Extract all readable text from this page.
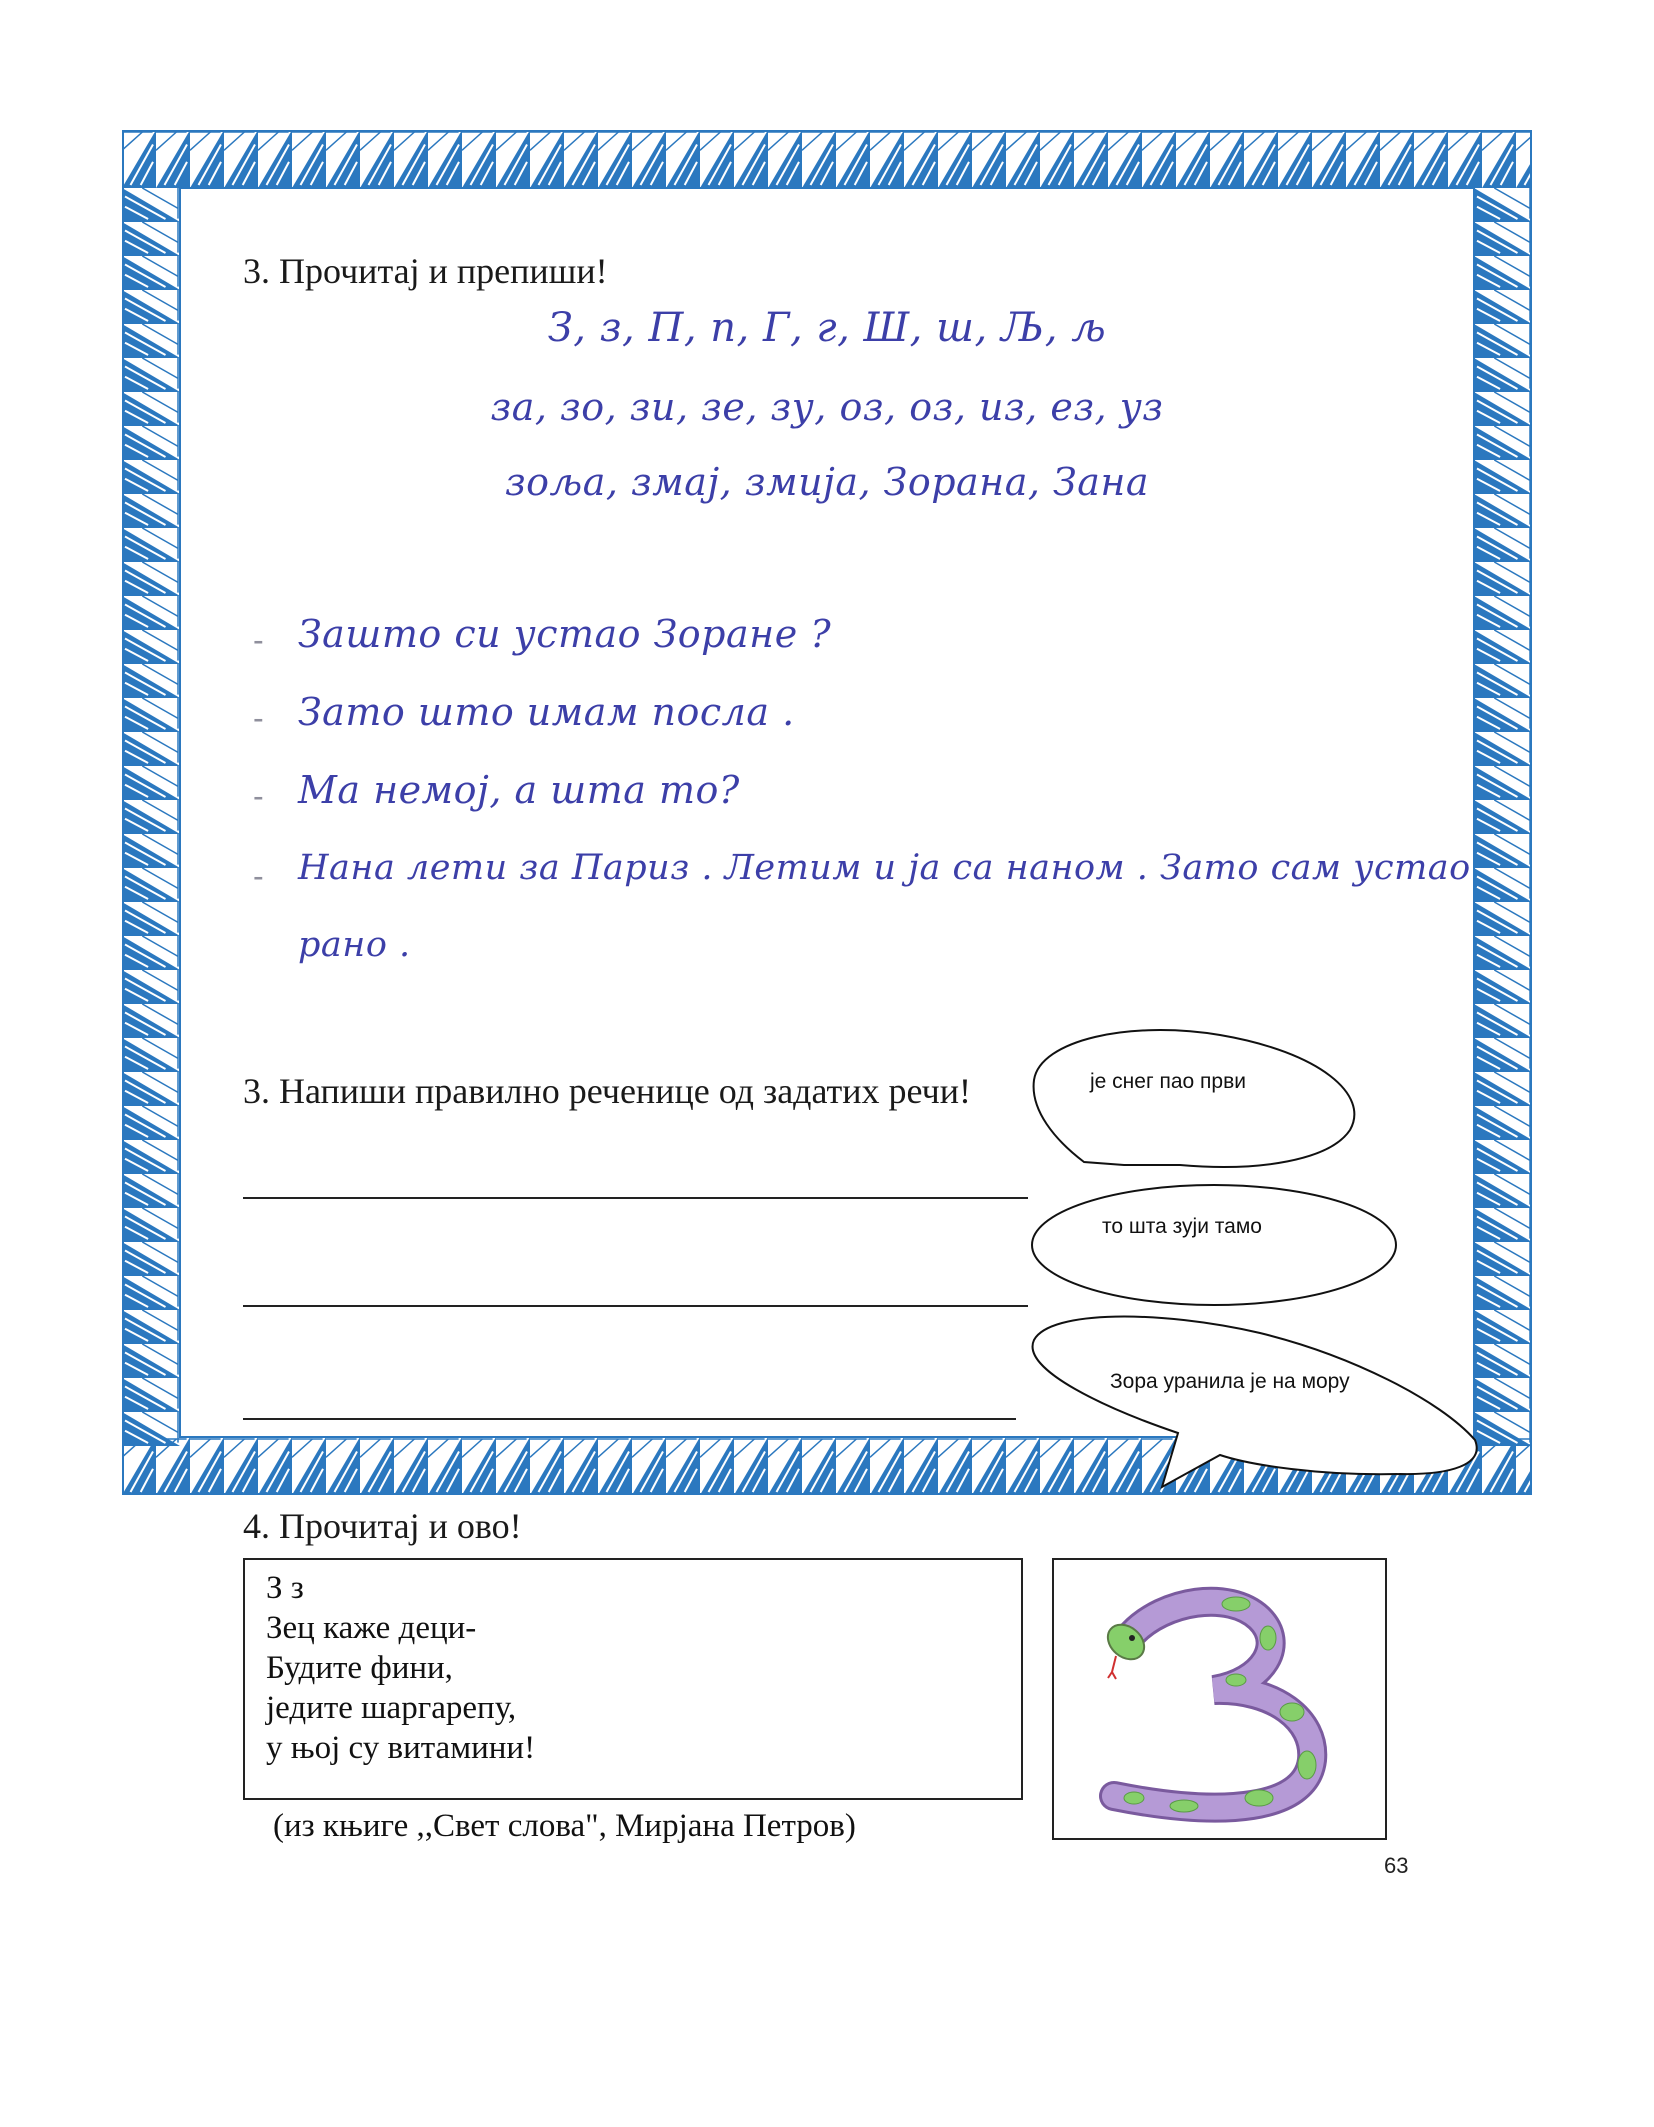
3. Прочитај и препиши!
З, з, П, п, Г, г, Ш, ш, Љ, љ
за, зо, зи, зе, зу, оз, оз, из, ез, уз
зољa, змај, змија, Зорана, Зана
- Зашто си устао Зоране ?
- Зато што имам посла .
- Ма немој, а шта то?
- Нана лети за Париз . Летим и ја са наном . Зато сам устао
рано .
3. Напиши правилно реченице од задатих речи!	је снег пао први
то шта зуји тамо
Зора уранила је на мору
4. Прочитај и ово!
З з
Зец каже деци-
Будите фини,
једите шаргарепу,
у њој су витамини!
(из књиге ,,Свет слова", Мирјана Петров)
63
